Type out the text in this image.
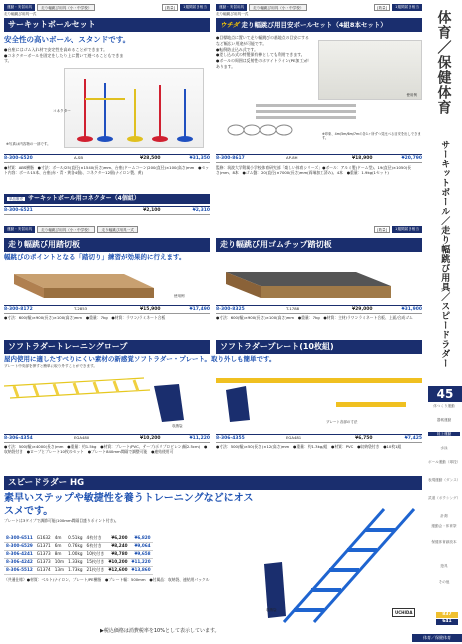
運動・実習用具	走り幅跳び用具（小・中学校）	[数量]	1週間届き相当
走り幅跳び用具一式
サーキットボールセット
安全性の高いボール、スタンドです。
●台座にはゴム入れ材で安定性を高めることができます。
●コネクターボールを固定をしたり上に置いて遊べることもできます。
コネクター
※写真は内容物の一部です。
8-300-6520	A-SB	¥28,500	¥31,350
●材質：ABS樹脂　●寸法：ボール/25(直径)×1540(長さ)mm、台座(ドームコーン)200(直径)×100(高さ)mm　●セット内容：ボール15本、台座(赤・青・黄各4個)、コネクター12個(ナイロン製、黄)
単品販売 サーキットボール用コネクター（4個組）
8-300-6521	¥2,100	¥2,310
運動・実習用具	走り幅跳び用具（小・中学校）	[数量]	1週間届き相当
走り幅跳び用具一式
ウチダ 走り幅跳び用目安ボールセット（4組8本セット）
●目標地点に置いて走り幅跳びの基地点の目安にするなど幅広い用途が可能です。
●転倒防止込み式です。
●差し込み式の特製保有棒としても利用できます。
●ボールの周囲は反射性のホワイトライン(PE加工)があります。
使用例
※印象、4m/5m/6m/7mの各1ヶ所ずつ見比べる目安を出しできます。
8-300-8617	AP-8H	¥18,900	¥20,790
監修：筑波大学附属小学校体育研究部「楽しい体育シリーズ」●ボール：アルミ製(ドーム型)、19(直径)×1050(長さ)mm、8本　●ゴム盤：20(直径)×7000(長さ)mm(両端加工済み)、4本　●重量：1.9kg(1セット)
運動・実習用具	走り幅跳び用具（小・中学校）	走り幅跳び用具一式	[数量]	1週間届き相当
走り幅跳び用踏切板	走り幅跳び用ゴムチップ踏切板
幅跳びのポイントとなる「踏切り」練習が効果的に行えます。
使用例
8-300-8172	T-2853	¥15,900	¥17,490
●寸法：600(幅)×900(長さ)×100(高さ)mm　●重量：7kg　●材質：ラワン/ラミネート合板
8-300-8325	T-1788	¥29,000	¥31,900
●寸法：600(幅)×900(長さ)×100(高さ)mm　●重量：7kg　●材質：主材/ラワンラミネート合板、上面/合成ゴム
ソフトラダートレーニングロープ	ソフトラダープレート(10枚組)
屋内使用に適したすべりにくい素材の新感覚ソフトラダー・プレート。取り外しも簡単です。
プレート中央部を押すと簡単に取り外すことができます。
収納袋
プレート各部の寸法
8-306-4354	EGA480	¥10,200	¥11,220
●寸法：500(幅)×4000(長さ)mm　●重量：約1.5kg　●材質：プレート/PVC、テープ/ポリプロピレン(幅2.5cm)　●収納袋付き　●ロープとプレート10枚のセット　●プレート840mm間隔で調整可能　●連結使用可
8-306-4355	EGA481	¥6,750	¥7,425
●寸法：500(幅)×50(長さ)×12(高さ)mm　●重量：約1.3kg/組　●材質：PVC　●収納袋付き　●10枚1組
スピードラダー HG
素早いステップや敏捷性を養うトレーニングなどにオススメです。
プレートは3タイプで調節可能(100mm間隔目盛りポイント付き)。
8-300-6511	G1632	4m	0.51kg	4枚付き	¥6,200	¥6,820
8-300-6529	G1371	6m	0.76kg	6枚付き	¥8,240	¥9,064
8-306-4241	G1373	8m	1.00kg	10枚付き	¥8,780	¥9,658
8-306-4242	G1373	10m	1.33kg	15枚付き	¥10,200	¥11,220
8-306-5512	G1374	13m	1.73kg	21枚付き	¥12,600	¥13,860
（共通仕様）●材質：ベルト/ナイロン、プレート/PE樹脂　●プレート幅：500mm　●付属品：収納袋、連結用パックル
収納袋
体育／保健体育
サーキットボール／走り幅跳び用具／スピードラダー
45
体つくり運動
器械運動
陸上運動
水泳
ボール運動（球技）
表現運動（ダンス）
武道（ボクシング）
計測
運動会・体育祭
保健体育副読本
遊具
その他
837
641
体育／保健体育
UCHIDA
▶税込価格は消費税率を10%として表示しています。
